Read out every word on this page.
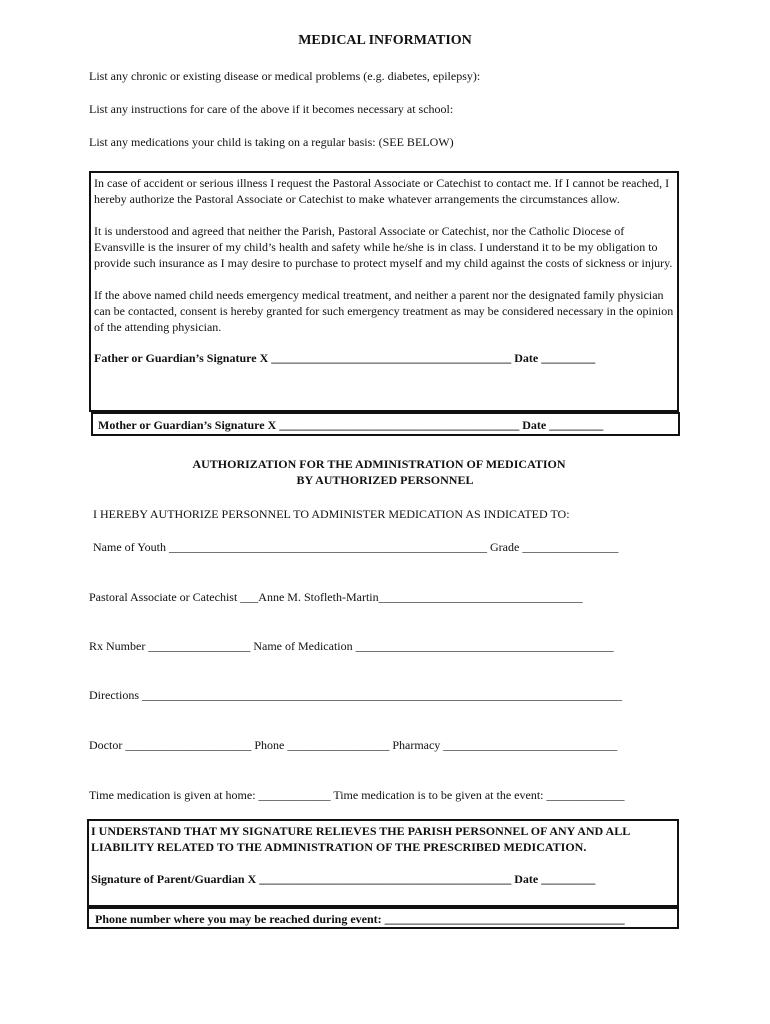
MEDICAL INFORMATION
List any chronic or existing disease or medical problems (e.g. diabetes, epilepsy):
List any instructions for care of the above if it becomes necessary at school:
List any medications your child is taking on a regular basis: (SEE BELOW)

In case of accident or serious illness I request the Pastoral Associate or Catechist to contact me. If I cannot be reached, I hereby authorize the Pastoral Associate or Catechist to make whatever arrangements the circumstances allow.

It is understood and agreed that neither the Parish, Pastoral Associate or Catechist, nor the Catholic Diocese of Evansville is the insurer of my child’s health and safety while he/she is in class. I understand it to be my obligation to provide such insurance as I may desire to purchase to protect myself and my child against the costs of sickness or injury.

If the above named child needs emergency medical treatment, and neither a parent nor the designated family physician can be contacted, consent is hereby granted for such emergency treatment as may be considered necessary in the opinion of the attending physician.

Father or Guardian’s Signature X ________________________________________ Date _________

Mother or Guardian’s Signature X ________________________________________ Date _________
AUTHORIZATION FOR THE ADMINISTRATION OF MEDICATION
BY AUTHORIZED PERSONNEL
I HEREBY AUTHORIZE PERSONNEL TO ADMINISTER MEDICATION AS INDICATED TO:
Name of Youth _____________________________________________________ Grade ________________
Pastoral Associate or Catechist ___Anne M. Stofleth-Martin__________________________________
Rx Number _________________ Name of Medication ___________________________________________
Directions ________________________________________________________________________________
Doctor _____________________ Phone _________________ Pharmacy _____________________________
Time medication is given at home: ____________ Time medication is to be given at the event: _____________
I UNDERSTAND THAT MY SIGNATURE RELIEVES THE PARISH PERSONNEL OF ANY AND ALL
LIABILITY RELATED TO THE ADMINISTRATION OF THE PRESCRIBED MEDICATION.
Signature of Parent/Guardian X __________________________________________ Date _________
Phone number where you may be reached during event: ________________________________________
